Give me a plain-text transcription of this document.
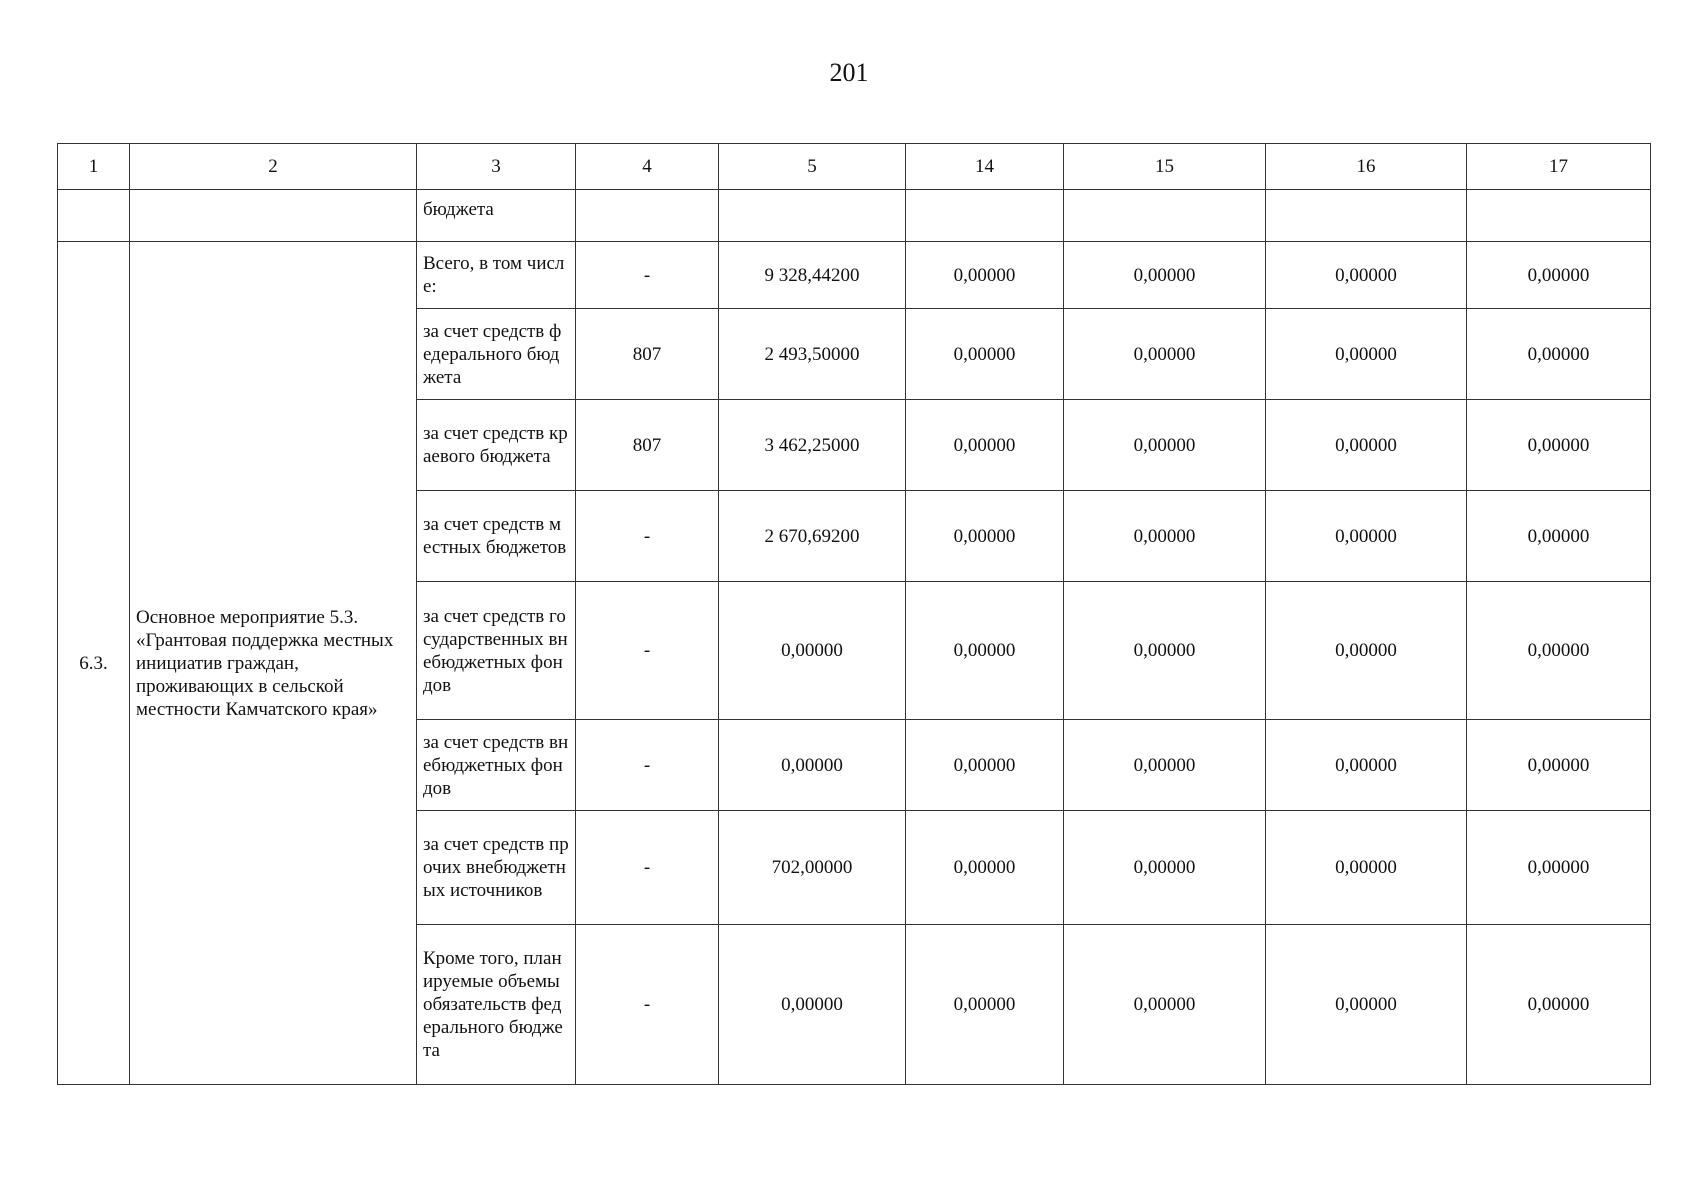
201
1	2	3	4	5	14	15	16	17
		бюджета						
6.3.	Основное мероприятие 5.3. «Грантовая поддержка местных инициатив граждан, проживающих в сельской местности Камчатского края»	Всего, в том числе:	-	9 328,44200	0,00000	0,00000	0,00000	0,00000
		за счет средств федерального бюджета	807	2 493,50000	0,00000	0,00000	0,00000	0,00000
		за счет средств краевого бюджета	807	3 462,25000	0,00000	0,00000	0,00000	0,00000
		за счет средств местных бюджетов	-	2 670,69200	0,00000	0,00000	0,00000	0,00000
		за счет средств государственных внебюджетных фондов	-	0,00000	0,00000	0,00000	0,00000	0,00000
		за счет средств внебюджетных фондов	-	0,00000	0,00000	0,00000	0,00000	0,00000
		за счет средств прочих внебюджетных источников	-	702,00000	0,00000	0,00000	0,00000	0,00000
		Кроме того, планируемые объемы обязательств федерального бюджета	-	0,00000	0,00000	0,00000	0,00000	0,00000
